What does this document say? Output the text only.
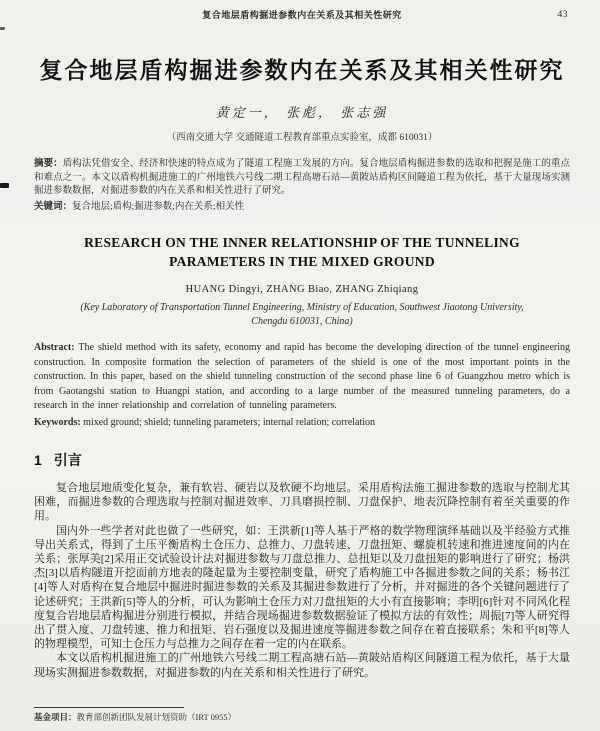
复合地层盾构掘进参数内在关系及其相关性研究	43
复合地层盾构掘进参数内在关系及其相关性研究
黄定一， 张彪， 张志强
（西南交通大学 交通隧道工程教育部重点实验室，成都 610031）

摘要：盾构法凭借安全、经济和快速的特点成为了隧道工程施工发展的方向。复合地层盾构掘进参数的选取和把握是施工的重点和难点之一。本文以盾构机掘进施工的广州地铁六号线二期工程高塘石站—黄陂站盾构区间隧道工程为依托，基于大量现场实测掘进参数数据，对掘进参数的内在关系和相关性进行了研究。

关键词：复合地层;盾构;掘进参数;内在关系;相关性

RESEARCH ON THE INNER RELATIONSHIP OF THE TUNNELING PARAMETERS IN THE MIXED GROUND
HUANG Dingyi, ZHANG Biao, ZHANG Zhiqiang
(Key Laboratory of Transportation Tunnel Engineering, Ministry of Education, Southwest Jiaotong University, Chengdu 610031, China)

Abstract: The shield method with its safety, economy and rapid has become the developing direction of the tunnel engineering construction. In composite formation the selection of parameters of the shield is one of the most important points in the construction. In this paper, based on the shield tunneling construction of the second phase line 6 of Guangzhou metro which is from Gaotangshi station to Huangpi station, and according to a large number of the measured tunneling parameters, do a research in the inner relationship and correlation of tunneling parameters.

Keywords: mixed ground; shield; tunneling parameters; internal relation; correlation

1 引言

复合地层地质变化复杂，兼有软岩、硬岩以及软硬不均地层。采用盾构法施工掘进参数的选取与控制尤其困难，而掘进参数的合理选取与控制对掘进效率、刀具磨损控制、刀盘保护、地表沉降控制有着至关重要的作用。

国内外一些学者对此也做了一些研究，如：王洪新[1]等人基于严格的数学物理演绎基础以及半经验方式推导出关系式，得到了土压平衡盾构土仓压力、总推力、刀盘转速、刀盘扭矩、螺旋机转速和推进速度间的内在关系；张厚美[2]采用正交试验设计法对掘进参数与刀盘总推力、总扭矩以及刀盘扭矩的影响进行了研究；杨洪杰[3]以盾构隧道开挖面前方地表的隆起量为主要控制变量，研究了盾构施工中各掘进参数之间的关系；杨书江[4]等人对盾构在复合地层中掘进时掘进参数的关系及其掘进参数进行了分析，并对掘进的各个关键问题进行了论述研究；王洪新[5]等人的分析，可认为影响土仓压力对刀盘扭矩的大小有直接影响；李明[6]针对不同风化程度复合岩地层盾构掘进分别进行模拟，并结合现场掘进参数数据验证了模拟方法的有效性；周振[7]等人研究得出了贯入度、刀盘转速、推力和扭矩、岩石强度以及掘进速度等掘进参数之间存在着直接联系；朱和平[8]等人的物理模型，可知土仓压力与总推力之间存在着一定的内在联系。

本文以盾构机掘进施工的广州地铁六号线二期工程高塘石站—黄陂站盾构区间隧道工程为依托，基于大量现场实测掘进参数数据，对掘进参数的内在关系和相关性进行了研究。

基金项目：教育部创新团队发展计划资助（IRT 0955）
